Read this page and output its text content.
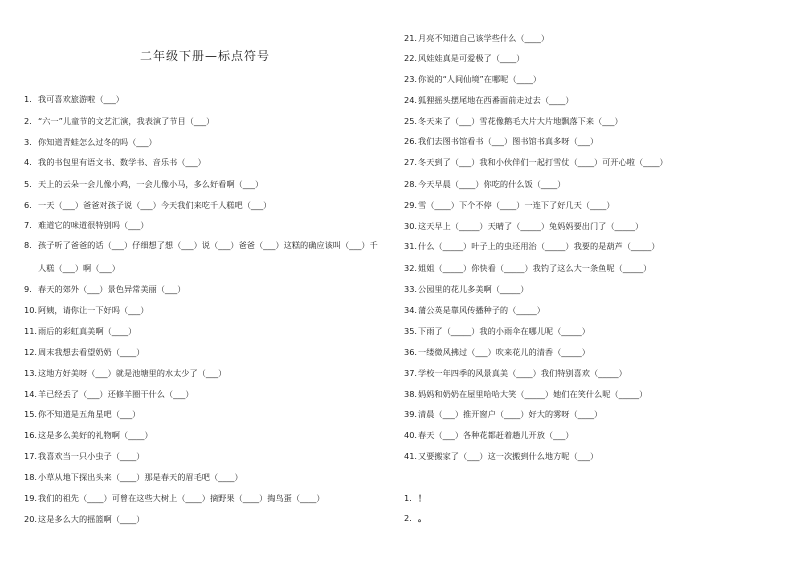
二年级下册—标点符号
1. 我可喜欢旅游啦（___）
2. “六一”儿童节的文艺汇演，我表演了节目（___）
3. 你知道青蛙怎么过冬的吗（___）
4. 我的书包里有语文书、数学书、音乐书（___）
5. 天上的云朵一会儿像小鸡，一会儿像小马，多么好看啊（___）
6. 一天（___）爸爸对孩子说（___）今天我们来吃千人糕吧（___）
7. 难道它的味道很特别吗（___）
8. 孩子听了爸爸的话（___）仔细想了想（___）说（___）爸爸（___）这糕的确应该叫（___）千
人糕（___）啊（___）
9. 春天的郊外（___）景色异常美丽（___）
10.阿姨，请你让一下好吗（___）
11.雨后的彩虹真美啊（____）
12.周末我想去看望奶奶（____）
13.这地方好美呀（___）就是池塘里的水太少了（___）
14.羊已经丢了（___）还修羊圈干什么（___）
15.你不知道是五角星吧（___）
16.这是多么美好的礼物啊（____）
17.我喜欢当一只小虫子（____）
18.小草从地下探出头来（____）那是春天的眉毛吧（____）
19.我们的祖先（____）可曾在这些大树上（____）摘野果（____）掏鸟蛋（____）
20.这是多么大的摇篮啊（____）
21.月亮不知道自己该学些什么（____）
22.风娃娃真是可爱极了（____）
23.你说的“人间仙境”在哪呢（____）
24.狐狸摇头摆尾地在西番面前走过去（____）
25.冬天来了（___）雪花像鹅毛大片大片地飘落下来（___）
26.我们去图书馆看书（___）图书馆书真多呀（___）
27.冬天到了（___）我和小伙伴们一起打雪仗（____）可开心啦（____）
28.今天早晨（____）你吃的什么饭（____）
29.雪（____）下个不停（____）一连下了好几天（____）
30.这天早上（_____）天晴了（_____）兔妈妈要出门了（_____）
31.什么（_____）叶子上的虫还用治（_____）我要的是葫芦（_____）
32.姐姐（_____）你快看（_____）我钓了这么大一条鱼呢（_____）
33.公园里的花儿多美啊（_____）
34.蒲公英是靠风传播种子的（_____）
35.下雨了（_____）我的小雨伞在哪儿呢（_____）
36.一缕微风拂过（___）吹来花儿的清香（_____）
37.学校一年四季的风景真美（____）我们特别喜欢（_____）
38.妈妈和奶奶在屋里哈哈大笑（_____）她们在笑什么呢（_____）
39.清晨（___）推开窗户（____）好大的雾呀（____）
40.春天（___）各种花都赶着趟儿开放（___）
41.又要搬家了（___）这一次搬到什么地方呢（___）
1. ！
2. 。
